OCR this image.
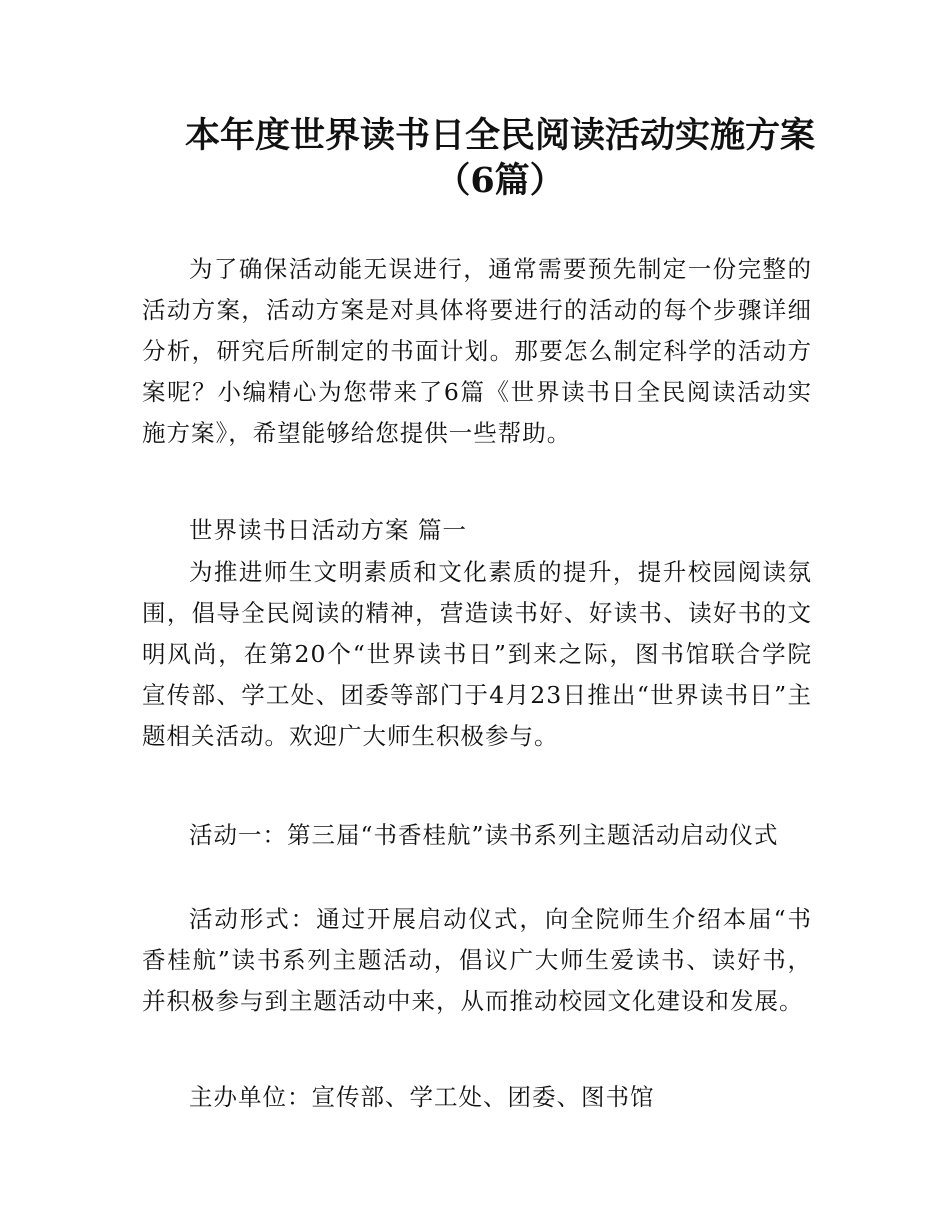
本年度世界读书日全民阅读活动实施方案
（6篇）

为了确保活动能无误进行，通常需要预先制定一份完整的活动方案，活动方案是对具体将要进行的活动的每个步骤详细分析，研究后所制定的书面计划。那要怎么制定科学的活动方案呢？小编精心为您带来了6篇《世界读书日全民阅读活动实施方案》，希望能够给您提供一些帮助。

世界读书日活动方案 篇一

为推进师生文明素质和文化素质的提升，提升校园阅读氛围，倡导全民阅读的精神，营造读书好、好读书、读好书的文明风尚，在第20个“世界读书日”到来之际，图书馆联合学院宣传部、学工处、团委等部门于4月23日推出“世界读书日”主题相关活动。欢迎广大师生积极参与。

活动一：第三届“书香桂航”读书系列主题活动启动仪式

活动形式：通过开展启动仪式，向全院师生介绍本届“书香桂航”读书系列主题活动，倡议广大师生爱读书、读好书，并积极参与到主题活动中来，从而推动校园文化建设和发展。

主办单位：宣传部、学工处、团委、图书馆
